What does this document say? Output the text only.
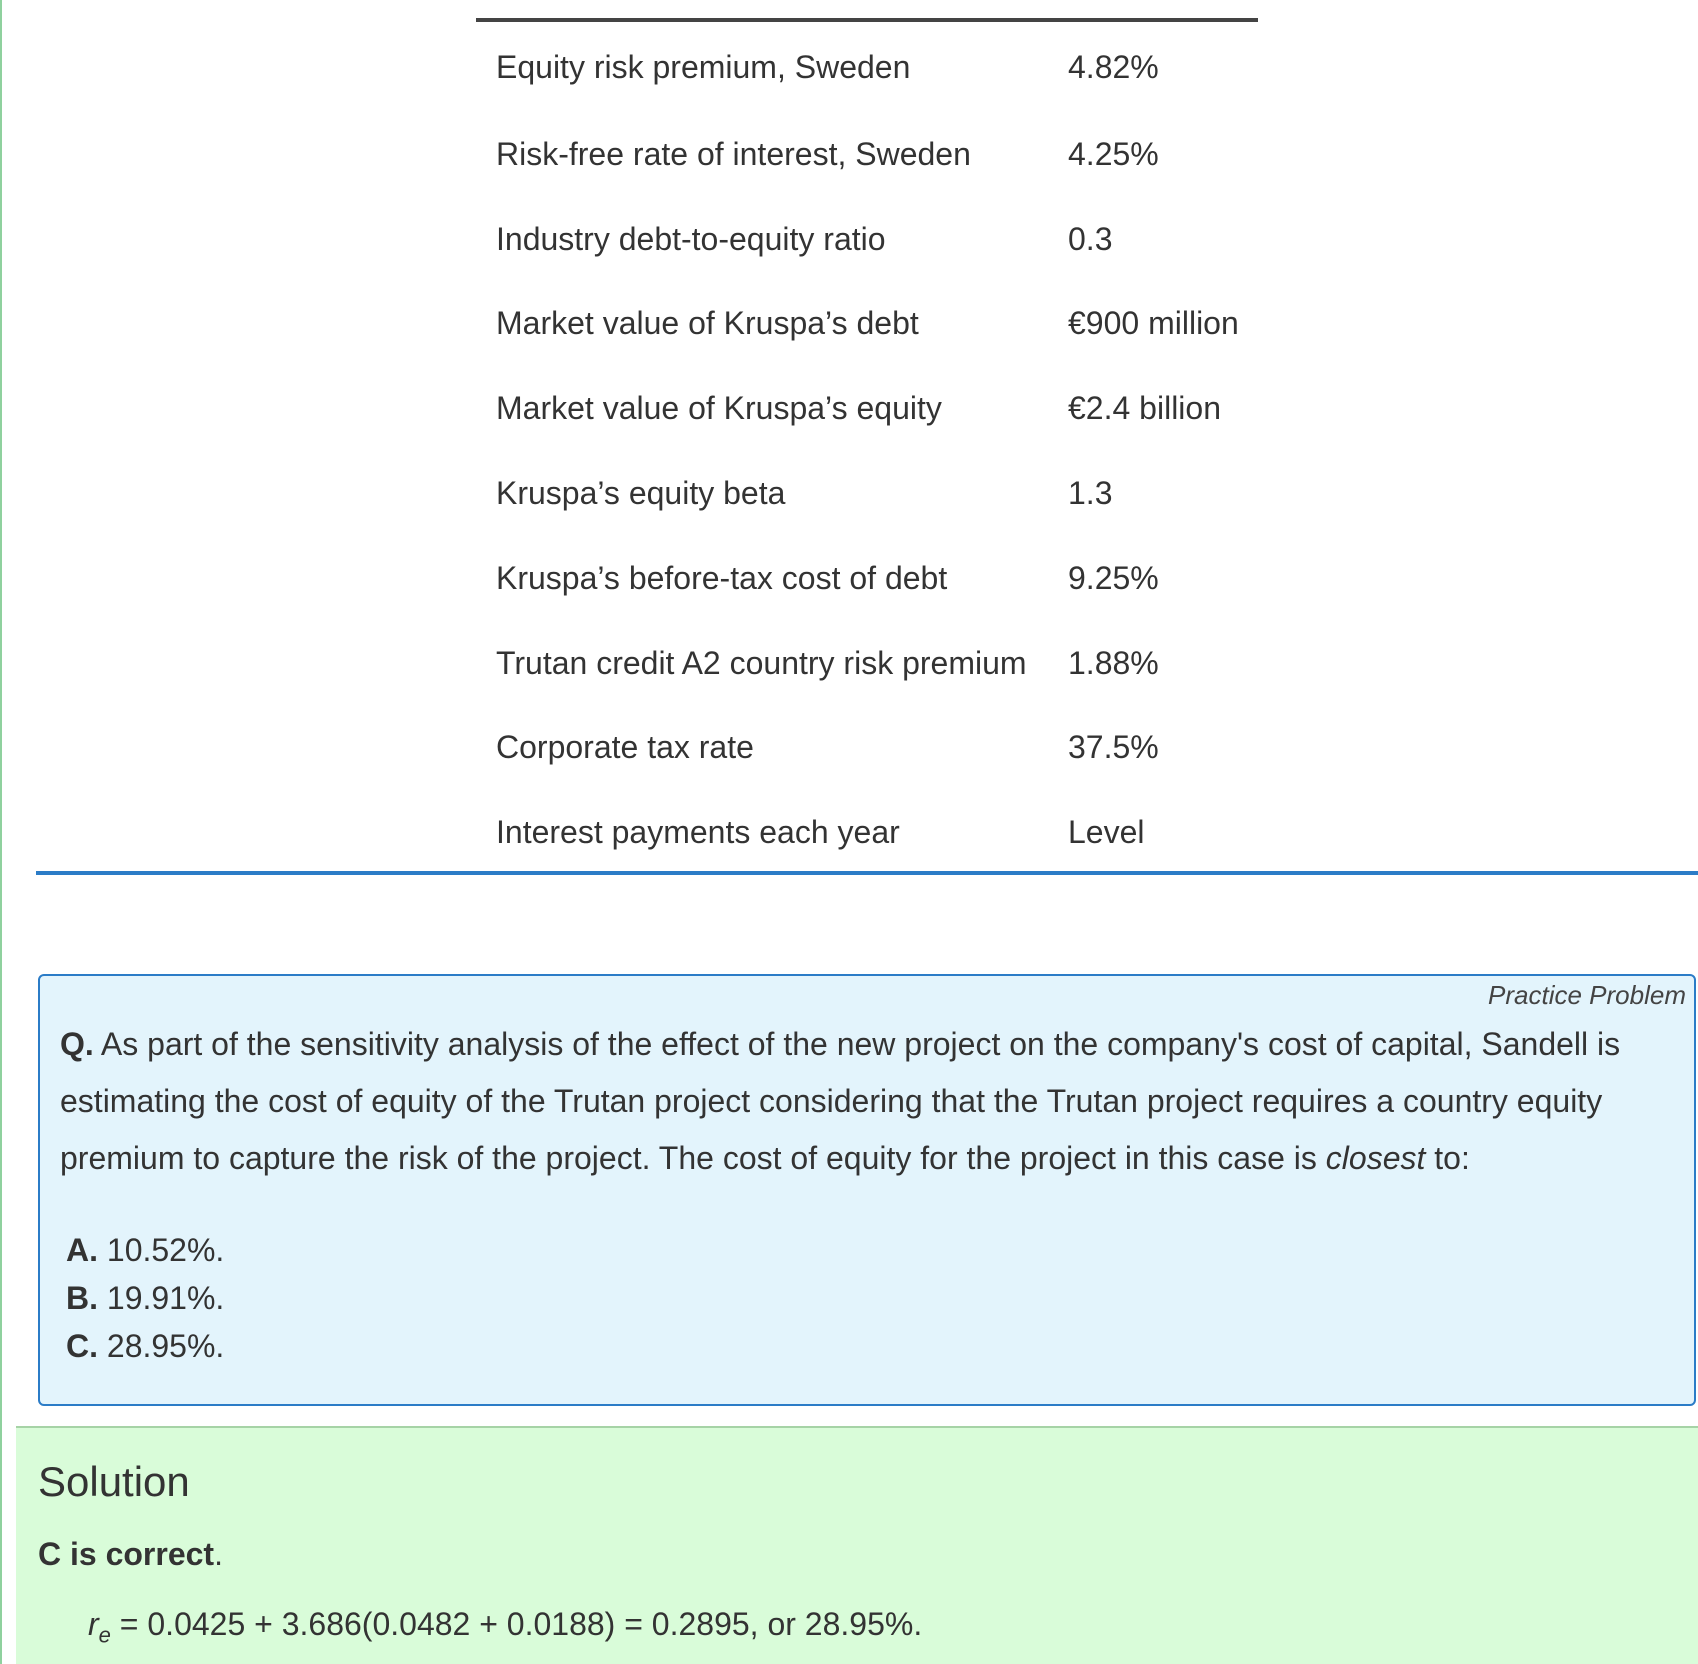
Equity risk premium, Sweden	4.82%
Risk-free rate of interest, Sweden	4.25%
Industry debt-to-equity ratio	0.3
Market value of Kruspa’s debt	€900 million
Market value of Kruspa’s equity	€2.4 billion
Kruspa’s equity beta	1.3
Kruspa’s before-tax cost of debt	9.25%
Trutan credit A2 country risk premium	1.88%
Corporate tax rate	37.5%
Interest payments each year	Level
Practice Problem
Q. As part of the sensitivity analysis of the effect of the new project on the company's cost of capital, Sandell is estimating the cost of equity of the Trutan project considering that the Trutan project requires a country equity premium to capture the risk of the project. The cost of equity for the project in this case is closest to:
A. 10.52%.
B. 19.91%.
C. 28.95%.
Solution
C is correct.
$r_e = 0.0425 + 3.686(0.0482 + 0.0188) = 0.2895$, or 28.95%.
